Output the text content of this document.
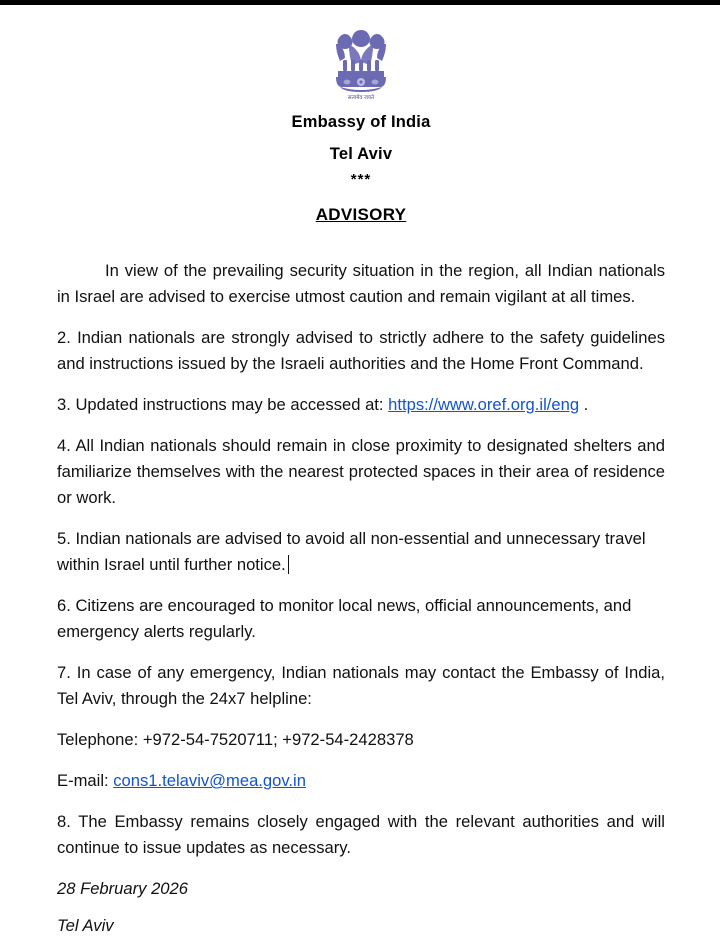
सत्यमेव जयते
Embassy of India
Tel Aviv
***
ADVISORY

In view of the prevailing security situation in the region, all Indian nationals in Israel are advised to exercise utmost caution and remain vigilant at all times.

2. Indian nationals are strongly advised to strictly adhere to the safety guidelines and instructions issued by the Israeli authorities and the Home Front Command.

3. Updated instructions may be accessed at: https://www.oref.org.il/eng .

4. All Indian nationals should remain in close proximity to designated shelters and familiarize themselves with the nearest protected spaces in their area of residence or work.

5. Indian nationals are advised to avoid all non-essential and unnecessary travel within Israel until further notice.

6. Citizens are encouraged to monitor local news, official announcements, and emergency alerts regularly.

7. In case of any emergency, Indian nationals may contact the Embassy of India, Tel Aviv, through the 24x7 helpline:

Telephone: +972-54-7520711; +972-54-2428378

E-mail: cons1.telaviv@mea.gov.in

8. The Embassy remains closely engaged with the relevant authorities and will continue to issue updates as necessary.

28 February 2026

Tel Aviv
